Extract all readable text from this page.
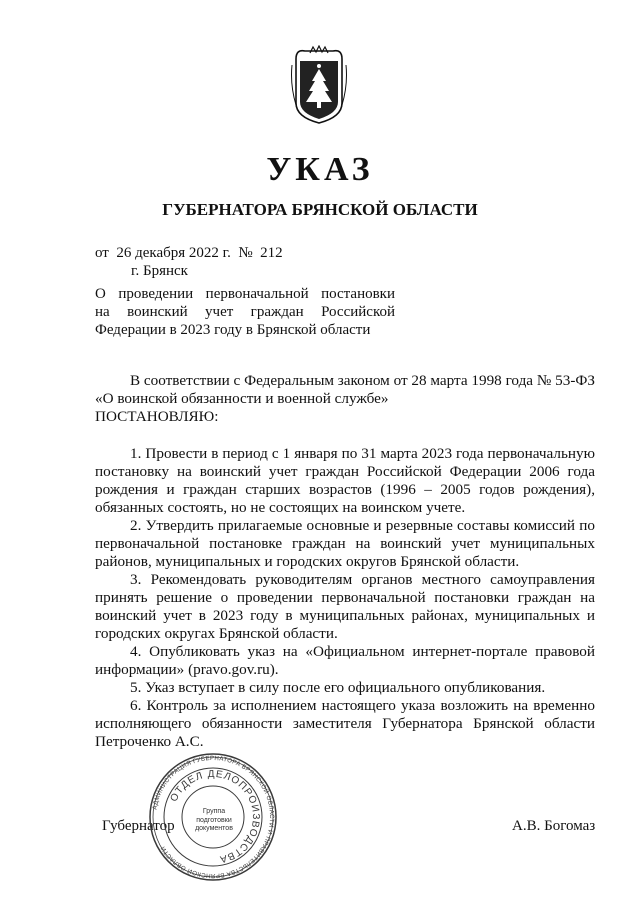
УКАЗ
ГУБЕРНАТОРА БРЯНСКОЙ ОБЛАСТИ
от 26 декабря 2022 г. № 212
г. Брянск
О проведении первоначальной постановки
на воинский учет граждан Российской
Федерации в 2023 году в Брянской области

В соответствии с Федеральным законом от 28 марта 1998 года № 53-ФЗ «О воинской обязанности и военной службе»

ПОСТАНОВЛЯЮ:

1. Провести в период с 1 января по 31 марта 2023 года первоначальную постановку на воинский учет граждан Российской Федерации 2006 года рождения и граждан старших возрастов (1996 – 2005 годов рождения), обязанных состоять, но не состоящих на воинском учете.

2. Утвердить прилагаемые основные и резервные составы комиссий по первоначальной постановке граждан на воинский учет муниципальных районов, муниципальных и городских округов Брянской области.

3. Рекомендовать руководителям органов местного самоуправления принять решение о проведении первоначальной постановки граждан на воинский учет в 2023 году в муниципальных районах, муниципальных и городских округах Брянской области.

4. Опубликовать указ на «Официальном интернет-портале правовой информации» (pravo.gov.ru).

5. Указ вступает в силу после его официального опубликования.

6. Контроль за исполнением настоящего указа возложить на временно исполняющего обязанности заместителя Губернатора Брянской области Петроченко А.С.

Губернатор	А.В. Богомаз
АДМИНИСТРАЦИЯ ГУБЕРНАТОРА БРЯНСКОЙ ОБЛАСТИ И ПРАВИТЕЛЬСТВА БРЯНСКОЙ ОБЛАСТИ
ОТДЕЛ ДЕЛОПРОИЗВОДСТВА
Группа
подготовки
документов
